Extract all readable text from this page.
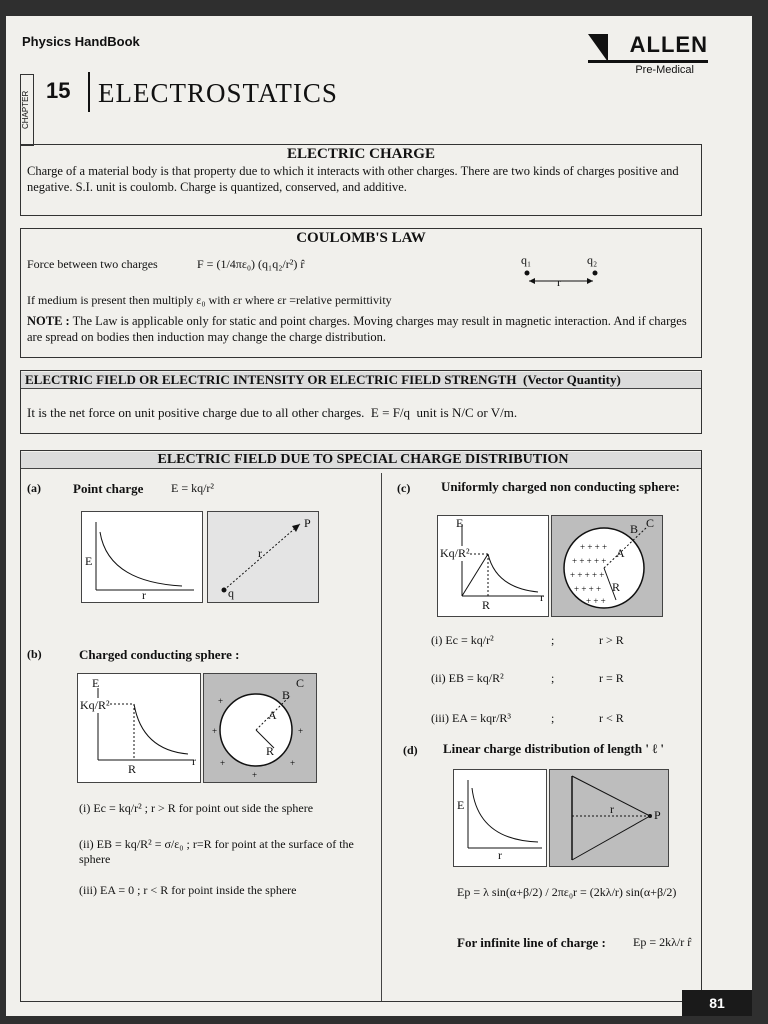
Physics HandBook	ALLEN
Pre-Medical
CHAPTER
15 ELECTROSTATICS
ELECTRIC CHARGE
Charge of a material body is that property due to which it interacts with other charges. There are two kinds of charges positive and negative. S.I. unit is coulomb. Charge is quantized, conserved, and additive.
COULOMB'S LAW
Force between two charges	F = (1/4πε₀) (q₁q₂/r²) r̂	q₁	q₂
r
If medium is present then multiply ε₀ with εr where εr =relative permittivity
NOTE : The Law is applicable only for static and point charges. Moving charges may result in magnetic interaction. And if charges are spread on bodies then induction may change the charge distribution.
ELECTRIC FIELD OR ELECTRIC INTENSITY OR ELECTRIC FIELD STRENGTH (Vector Quantity)
It is the net force on unit positive charge due to all other charges. E = F/q unit is N/C or V/m.
ELECTRIC FIELD DUE TO SPECIAL CHARGE DISTRIBUTION
(a) Point charge E = kq/r²
E
r
P
q
r
(b)	Charged conducting sphere :
Kq/R²
E
R
r
+
+
+
+
+
+
A
B
C
R
(i) Ec = kq/r² ; r > R for point out side the sphere
(ii) EB = kq/R² = σ/ε₀ ; r=R for point at the surface of the sphere
(iii) EA = 0 ; r < R for point inside the sphere
(c) Uniformly charged non conducting sphere:
Kq/R²
E
R
r
+ + + +
+ + + + +
+ + + + +
+ + + +
+ + +
A
B C
R
(i) Ec = kq/r²	;	r > R
(ii) EB = kq/R²	;	r = R
(iii) EA = kqr/R³	;	r < R
(d) Linear charge distribution of length ' ℓ '
E
r
P
r
Ep = λ sin(α+β/2) / 2πε₀r = (2kλ/r) sin(α+β/2)
For infinite line of charge : Ep = 2kλ/r r̂
81
